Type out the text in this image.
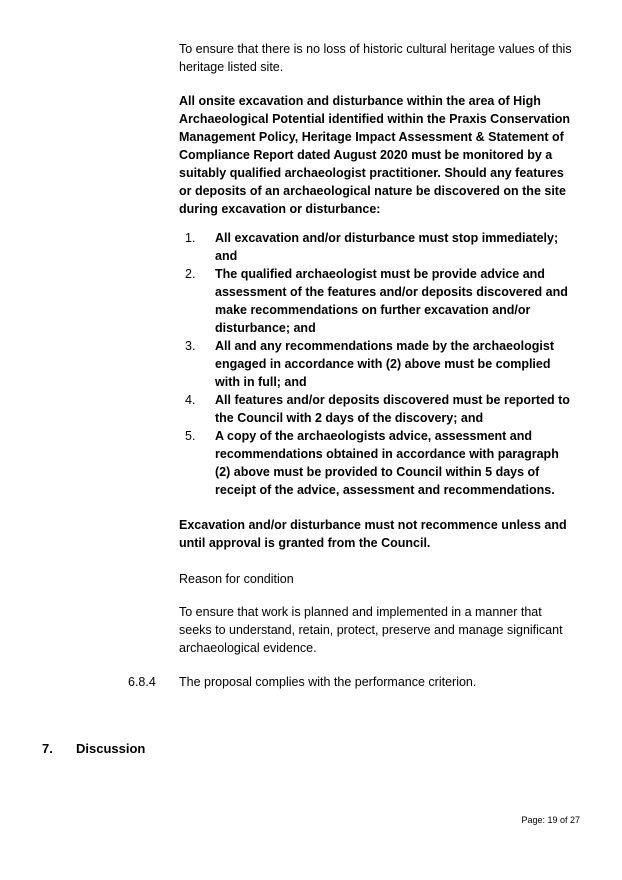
To ensure that there is no loss of historic cultural heritage values of this heritage listed site.

All onsite excavation and disturbance within the area of High Archaeological Potential identified within the Praxis Conservation Management Policy, Heritage Impact Assessment & Statement of Compliance Report dated August 2020 must be monitored by a suitably qualified archaeologist practitioner. Should any features or deposits of an archaeological nature be discovered on the site during excavation or disturbance:

1. All excavation and/or disturbance must stop immediately; and
2. The qualified archaeologist must be provide advice and assessment of the features and/or deposits discovered and make recommendations on further excavation and/or disturbance; and
3. All and any recommendations made by the archaeologist engaged in accordance with (2) above must be complied with in full; and
4. All features and/or deposits discovered must be reported to the Council with 2 days of the discovery; and
5. A copy of the archaeologists advice, assessment and recommendations obtained in accordance with paragraph (2) above must be provided to Council within 5 days of receipt of the advice, assessment and recommendations.

Excavation and/or disturbance must not recommence unless and until approval is granted from the Council.

Reason for condition

To ensure that work is planned and implemented in a manner that seeks to understand, retain, protect, preserve and manage significant archaeological evidence.

6.8.4 The proposal complies with the performance criterion.

7. Discussion
Page: 19 of 27
